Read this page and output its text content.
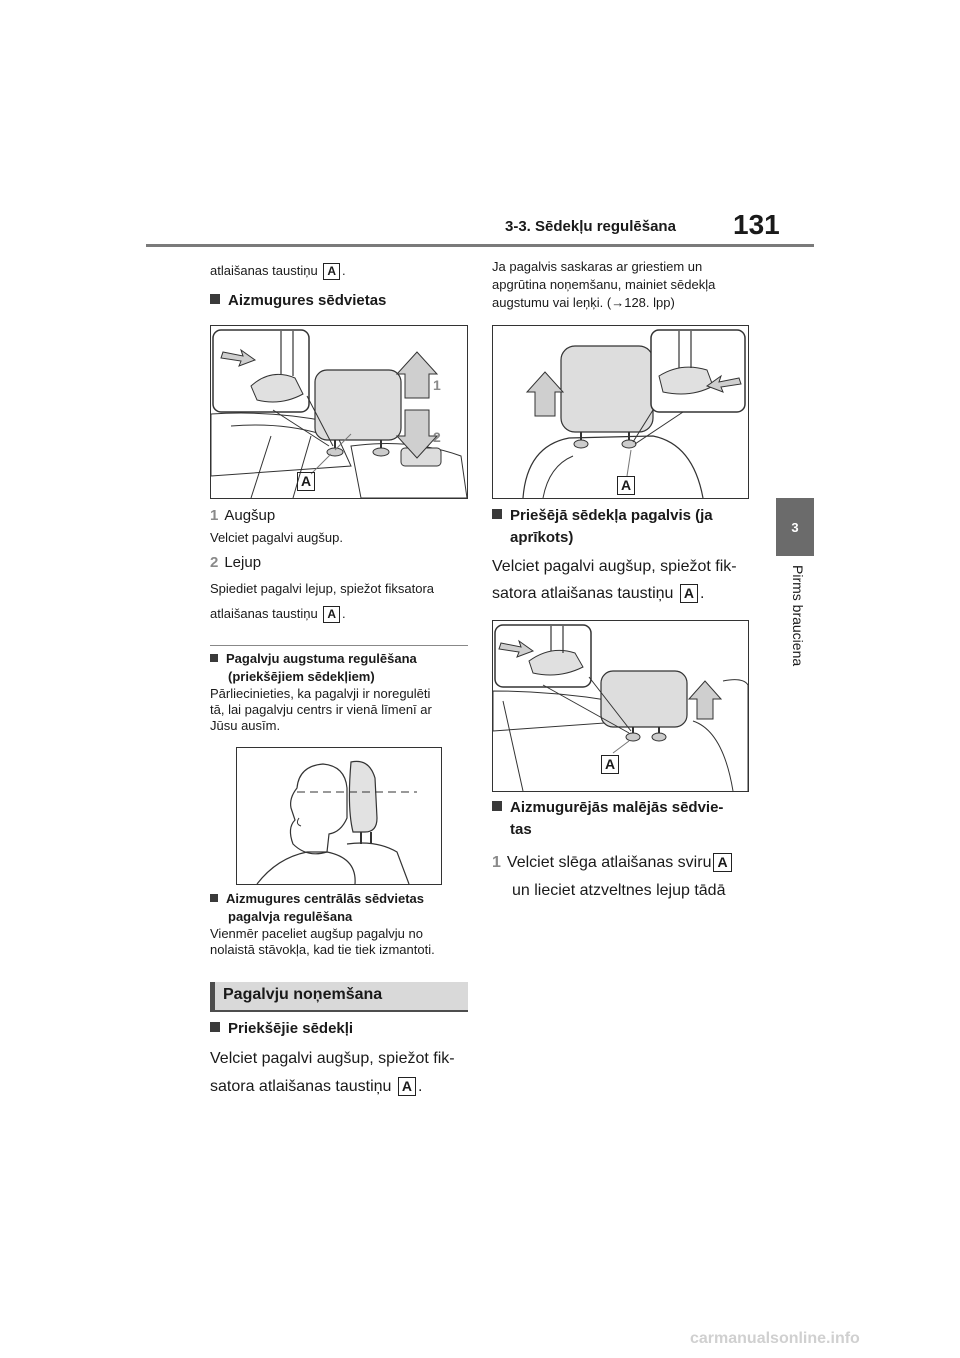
3-3. Sēdekļu regulēšana 131
3
Pirms brauciena
atlaišanas taustiņu A .
Aizmugures sēdvietas
1
2
A
1 Augšup
Velciet pagalvi augšup.
2 Lejup
Spiediet pagalvi lejup, spiežot fiksatora
atlaišanas taustiņu A .
Pagalvju augstuma regulēšana
(priekšējiem sēdekļiem)
Pārliecinieties, ka pagalvji ir noregulēti
tā, lai pagalvju centrs ir vienā līmenī ar
Jūsu ausīm.
Aizmugures centrālās sēdvietas
pagalvja regulēšana
Vienmēr paceliet augšup pagalvju no
nolaistā stāvokļa, kad tie tiek izmantoti.
Pagalvju noņemšana
Priekšējie sēdekļi
Velciet pagalvi augšup, spiežot fik-
satora atlaišanas taustiņu A .
Ja pagalvis saskaras ar griestiem un
apgrūtina noņemšanu, mainiet sēdekļa
augstumu vai leņķi. (→128. lpp)
A
Priešējā sēdekļa pagalvis (ja
aprīkots)
Velciet pagalvi augšup, spiežot fik-
satora atlaišanas taustiņu A .
A
Aizmugurējās malējās sēdvie-
tas
1 Velciet slēga atlaišanas sviru A
un lieciet atzveltnes lejup tādā
carmanualsonline.info
